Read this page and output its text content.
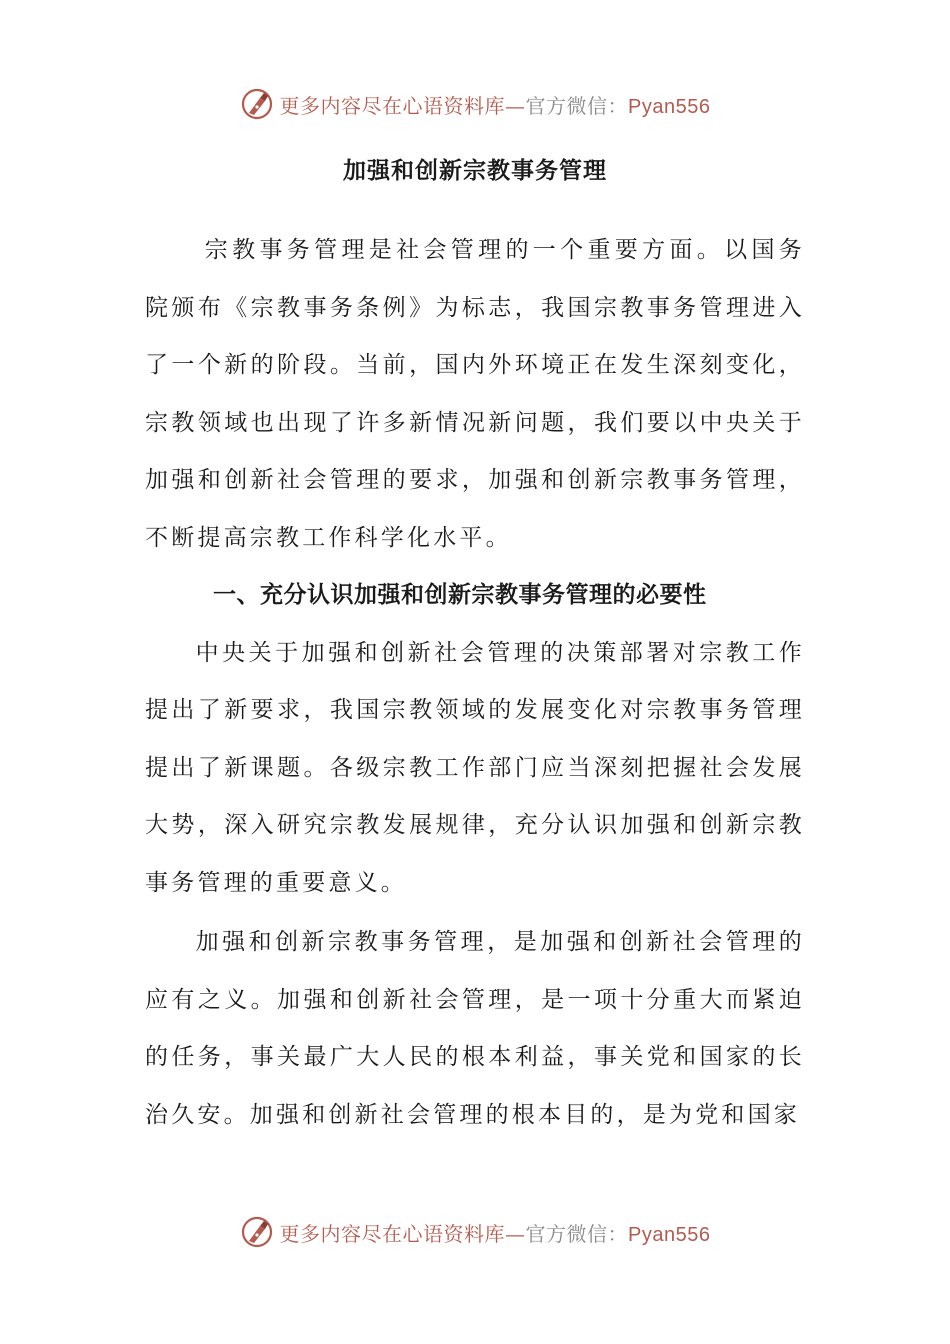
更多内容尽在心语资料库—官方微信：Pyan556
加强和创新宗教事务管理

宗教事务管理是社会管理的一个重要方面。以国务院颁布《宗教事务条例》为标志，我国宗教事务管理进入了一个新的阶段。当前，国内外环境正在发生深刻变化，宗教领域也出现了许多新情况新问题，我们要以中央关于加强和创新社会管理的要求，加强和创新宗教事务管理，不断提高宗教工作科学化水平。

一、充分认识加强和创新宗教事务管理的必要性

中央关于加强和创新社会管理的决策部署对宗教工作提出了新要求，我国宗教领域的发展变化对宗教事务管理提出了新课题。各级宗教工作部门应当深刻把握社会发展大势，深入研究宗教发展规律，充分认识加强和创新宗教事务管理的重要意义。

加强和创新宗教事务管理，是加强和创新社会管理的应有之义。加强和创新社会管理，是一项十分重大而紧迫的任务，事关最广大人民的根本利益，事关党和国家的长治久安。加强和创新社会管理的根本目的，是为党和国家

更多内容尽在心语资料库—官方微信：Pyan556
